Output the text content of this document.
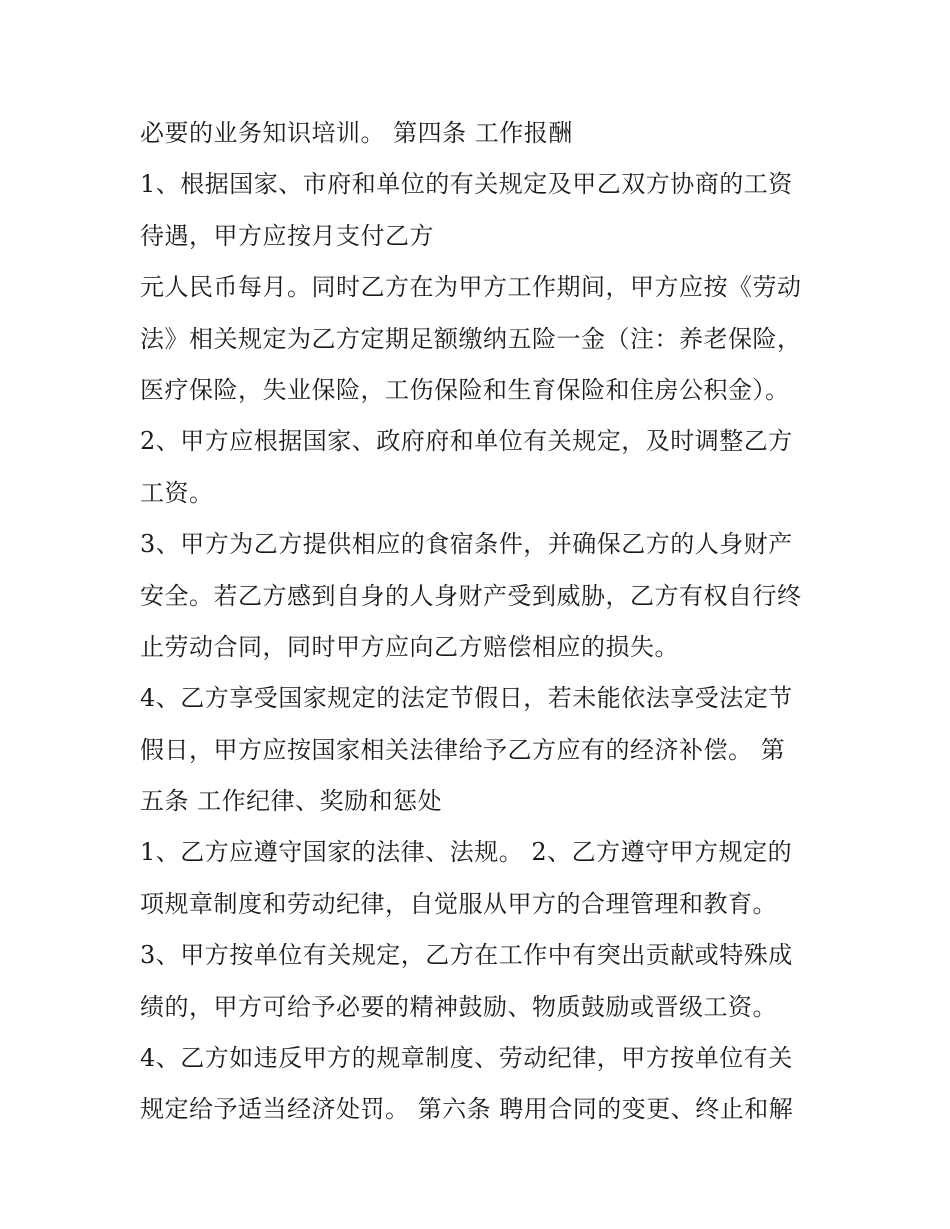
必要的业务知识培训。 第四条 工作报酬
1、根据国家、市府和单位的有关规定及甲乙双方协商的工资
待遇，甲方应按月支付乙方
元人民币每月。同时乙方在为甲方工作期间，甲方应按《劳动
法》相关规定为乙方定期足额缴纳五险一金（注：养老保险，
医疗保险，失业保险，工伤保险和生育保险和住房公积金）。
2、甲方应根据国家、政府府和单位有关规定，及时调整乙方
工资。
3、甲方为乙方提供相应的食宿条件，并确保乙方的人身财产
安全。若乙方感到自身的人身财产受到威胁，乙方有权自行终
止劳动合同，同时甲方应向乙方赔偿相应的损失。
4、乙方享受国家规定的法定节假日，若未能依法享受法定节
假日，甲方应按国家相关法律给予乙方应有的经济补偿。 第
五条 工作纪律、奖励和惩处
1、乙方应遵守国家的法律、法规。 2、乙方遵守甲方规定的
项规章制度和劳动纪律，自觉服从甲方的合理管理和教育。
3、甲方按单位有关规定，乙方在工作中有突出贡献或特殊成
绩的，甲方可给予必要的精神鼓励、物质鼓励或晋级工资。
4、乙方如违反甲方的规章制度、劳动纪律，甲方按单位有关
规定给予适当经济处罚。 第六条 聘用合同的变更、终止和解
